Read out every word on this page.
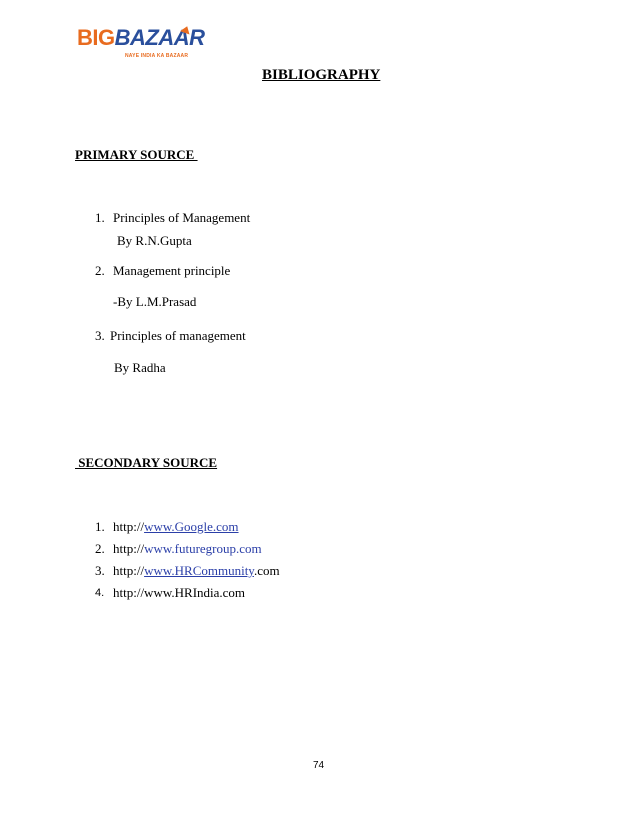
BIGBAZAAR
NAYE INDIA KA BAZAAR
BIBLIOGRAPHY
PRIMARY SOURCE
1. Principles of Management
By R.N.Gupta
2. Management principle
-By L.M.Prasad
3. Principles of management
By Radha
SECONDARY SOURCE
1. http://www.Google.com
2. http://www.futuregroup.com
3. http://www.HRCommunity.com
4. http://www.HRIndia.com
74
